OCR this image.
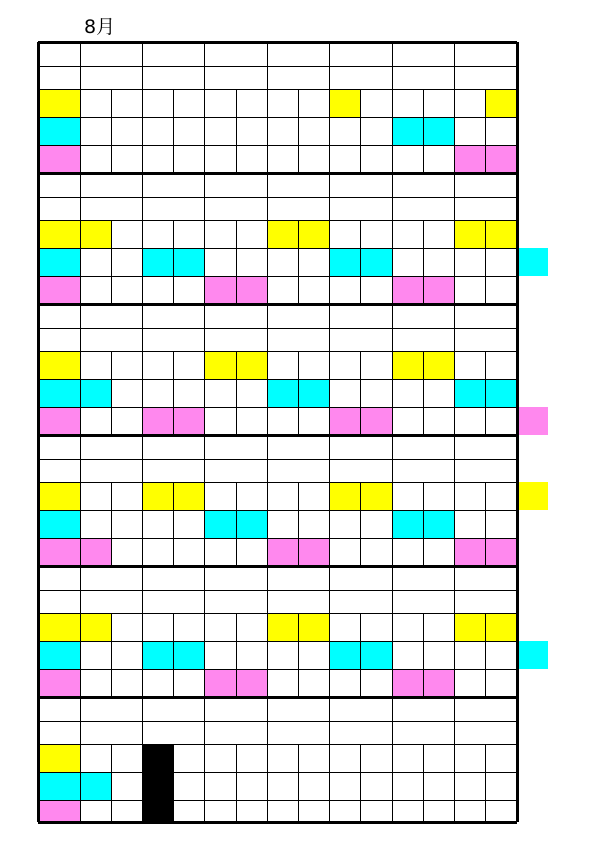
8月
